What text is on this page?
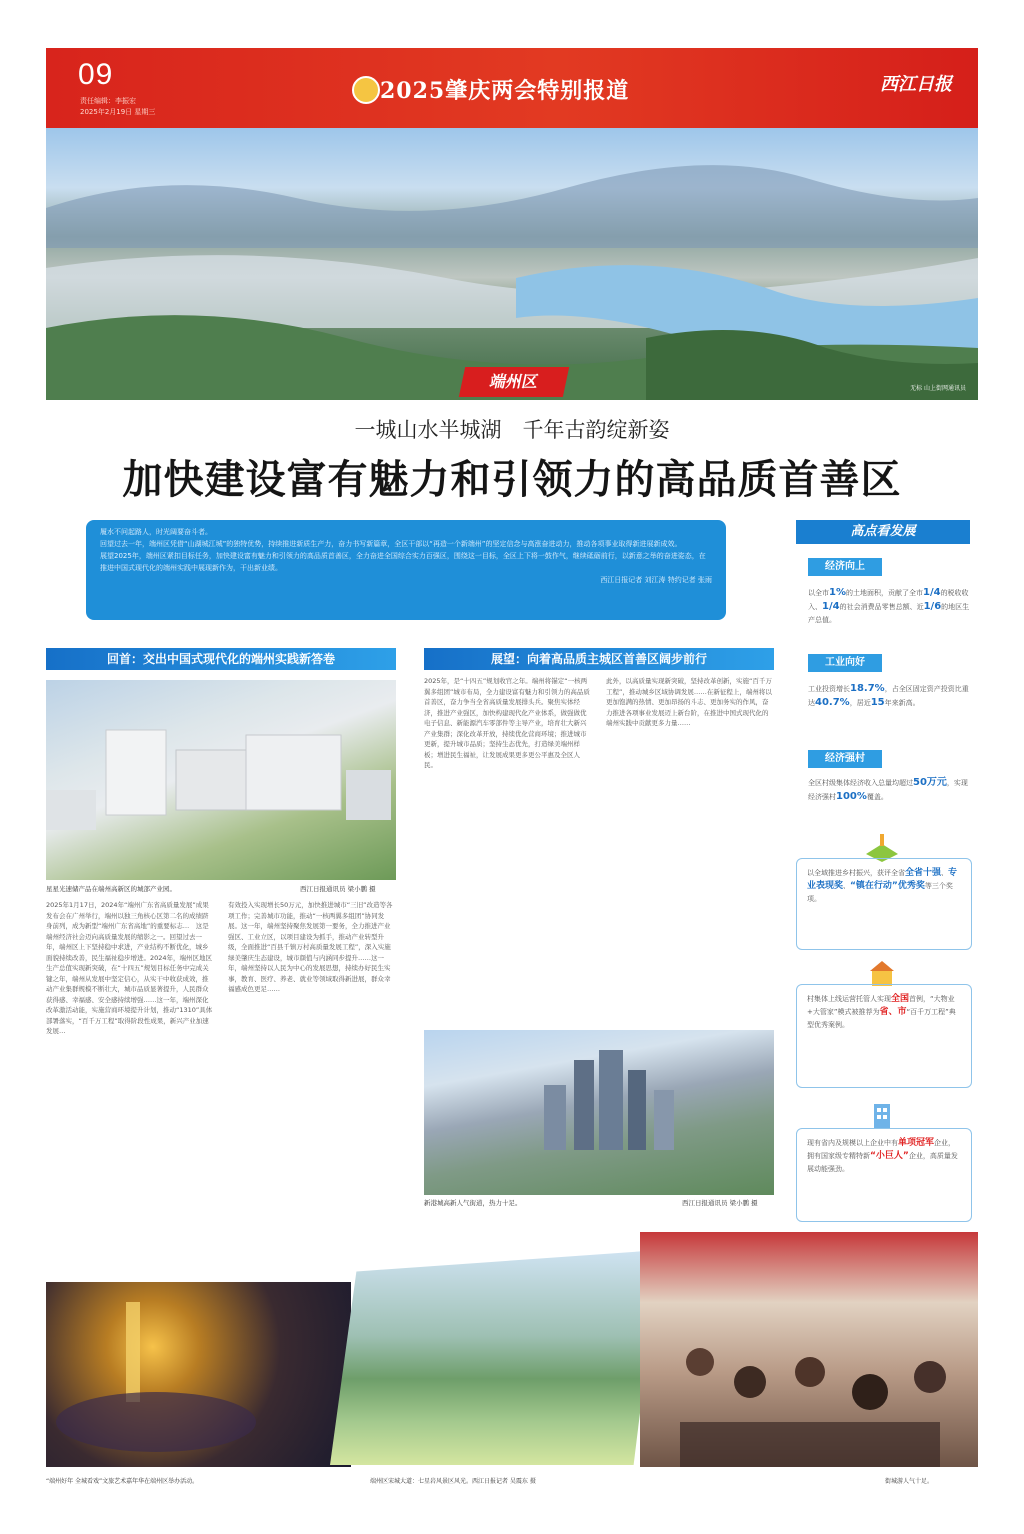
09
责任编辑：李振宏
2025年2月19日 星期三
2025肇庆两会特别报道	西江日报
无标 山上街网通讯员
端州区
一城山水半城湖　千年古韵绽新姿
加快建设富有魅力和引领力的高品质首善区

履水不问起路人，时光阔要奋斗者。

回望过去一年，端州区凭借“山湖城江城”的独特优势，持续推进新质生产力，奋力书写新篇章，全区干部以“再造一个新端州”的坚定信念与高涨奋进动力，推动各项事业取得新进展新成效。

展望2025年，端州区紧扣目标任务，加快建设富有魅力和引领力的高品质首善区，全力奋进全国综合实力百强区，围绕这一目标，全区上下将一鼓作气，继续砥砺前行，以新意之举的奋进姿态，在推进中国式现代化的端州实践中展现新作为，干出新业绩。

西江日报记者 刘江涛 特约记者 张雨

回首：交出中国式现代化的端州实践新答卷	展望：向着高品质主城区首善区阔步前行
星星光速储产品在端州高新区的城部产业园。	西江日报通讯员 梁小鹏 摄
2025年1月17日，2024年“端州广东省高质量发展”成果发布会在广州举行，端州以独三角核心区第二名的成绩跻身前列，成为新型“端州广东省高地”的重要标志…　这是端州经济社会迈向高质量发展的缩影之一。回望过去一年，端州区上下坚持稳中求进，产业结构不断优化，城乡面貌持续改善，民生福祉稳步增进。2024年，端州区地区生产总值实现新突破，在“十四五”规划目标任务中完成关键之年，端州从发展中坚定信心，从实干中收获成效，推动产业集群规模不断壮大，城市品质显著提升，人民群众获得感、幸福感、安全感持续增强……这一年，端州深化改革激活动能，实施营商环境提升计划，推动“1310”具体部署落实，“百千万工程”取得阶段性成果，新兴产业加速发展…
有效投入实现增长50万元，加快推进城市“三旧”改造等各项工作；完善城市功能，推动“一核两翼多组团”协同发展。这一年，端州坚持聚焦发展第一要务，全力推进产业强区、工业立区，以项目建设为抓手，推动产业转型升级，全面推进“百县千镇万村高质量发展工程”，深入实施绿美肇庆生态建设，城市颜值与内涵同步提升……这一年，端州坚持以人民为中心的发展思想，持续办好民生实事，教育、医疗、养老、就业等领域取得新进展，群众幸福感成色更足……
2025年，是“十四五”规划收官之年。端州将锚定“一核两翼多组团”城市布局，全力建设富有魅力和引领力的高品质首善区，奋力争当全省高质量发展排头兵。聚焦实体经济，推进产业强区，加快构建现代化产业体系，做强做优电子信息、新能源汽车零部件等主导产业，培育壮大新兴产业集群；深化改革开放，持续优化营商环境；推进城市更新，提升城市品质；坚持生态优先，打造绿美端州样板；增进民生福祉，让发展成果更多更公平惠及全区人民。
此外，以高质量实现新突破，坚持改革创新，实施“百千万工程”，推动城乡区域协调发展……在新征程上，端州将以更加饱满的热情、更加昂扬的斗志、更加务实的作风，奋力推进各项事业发展迈上新台阶，在推进中国式现代化的端州实践中贡献更多力量……
新港城高新人气街道，热力十足。	西江日报通讯员 梁小鹏 摄
高点看发展
经济向上
以全市1%的土地面积，贡献了全市1/4的税收收入、1/4的社会消费品零售总额、近1/6的地区生产总值。
工业向好
工业投资增长18.7%，占全区固定资产投资比重达40.7%，居近15年来新高。
经济强村
全区村级集体经济收入总量均超过50万元，实现经济强村100%覆盖。
以全域推进乡村振兴，获评全省全省十强、专业表现奖、“镇在行动”优秀奖等三个奖项。
村集体上线运营托管人实现全国首例，“大物业+大管家”模式被推荐为省、市“百千万工程”典型优秀案例。
现有省内及规模以上企业中有单项冠军企业，拥有国家级专精特新“小巨人”企业，高质量发展动能强劲。
“端州好年 全城看戏”文旅艺术嘉年华在端州区举办活动。	端州区宋城大道：七星岩风景区风光。西江日报记者 吴震东 摄	街城游人气十足。
